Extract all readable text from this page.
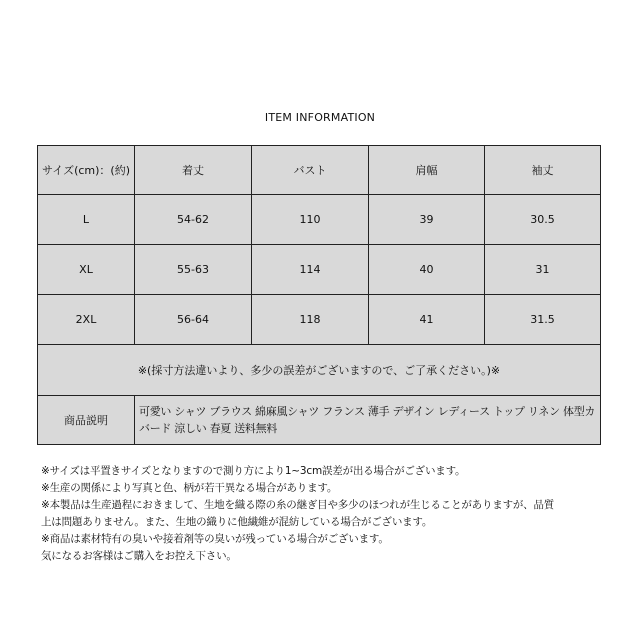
ITEM INFORMATION
サイズ(cm)：(約)	着丈	バスト	肩幅	袖丈
L	54-62	110	39	30.5
XL	55-63	114	40	31
2XL	56-64	118	41	31.5
※(採寸方法違いより、多少の誤差がございますので、ご了承ください。)※				
商品説明	可愛い シャツ ブラウス 綿麻風シャツ フランス 薄手 デザイン レディース トップ リネン 体型カバード 涼しい 春夏 送料無料			
※サイズは平置きサイズとなりますので測り方により1~3cm誤差が出る場合がございます。
※生産の関係により写真と色、柄が若干異なる場合があります。
※本製品は生産過程におきまして、生地を織る際の糸の継ぎ目や多少のほつれが生じることがありますが、品質
上は問題ありません。また、生地の織りに他繊維が混紡している場合がございます。
※商品は素材特有の臭いや接着剤等の臭いが残っている場合がございます。
気になるお客様はご購入をお控え下さい。
